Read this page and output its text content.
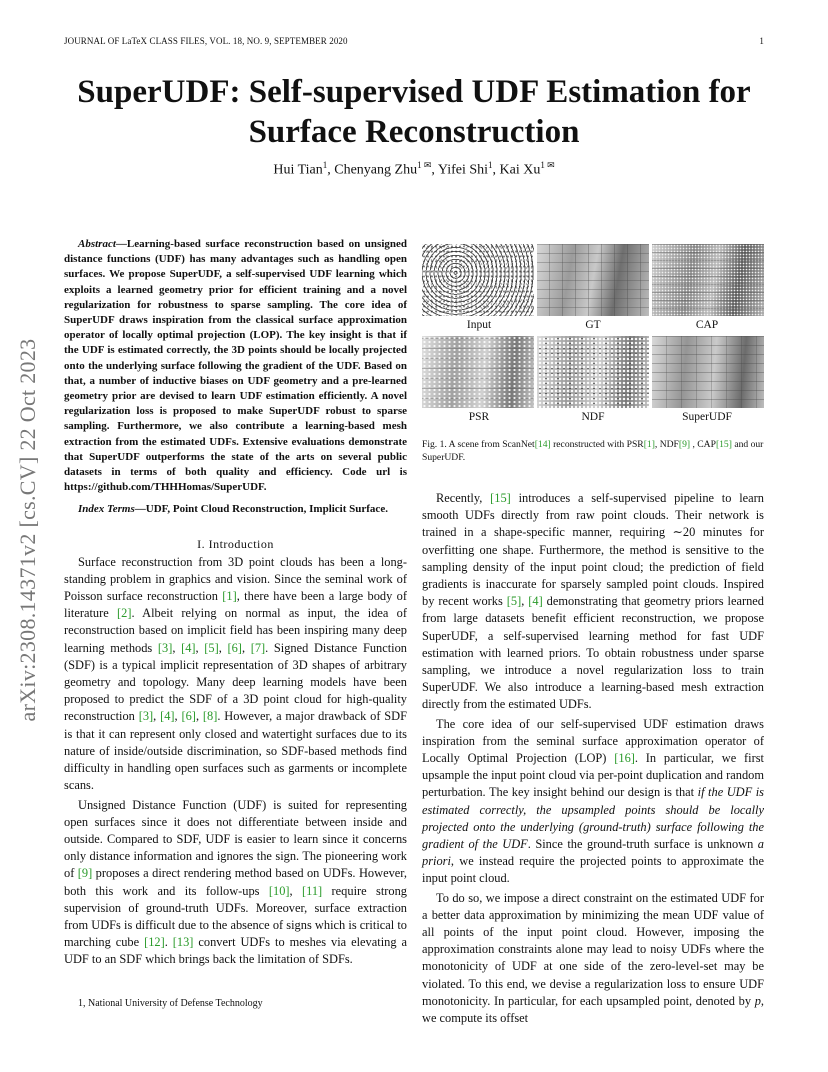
JOURNAL OF LaTeX CLASS FILES, VOL. 18, NO. 9, SEPTEMBER 2020	1
SuperUDF: Self-supervised UDF Estimation for Surface Reconstruction
Hui Tian$^1$, Chenyang Zhu$^{1 ✉}$, Yifei Shi$^1$, Kai $Xu^{1 ✉}$
arXiv:2308.14371v2 [cs.CV] 22 Oct 2023

Abstract—Learning-based surface reconstruction based on unsigned distance functions (UDF) has many advantages such as handling open surfaces. We propose SuperUDF, a self-supervised UDF learning which exploits a learned geometry prior for efficient training and a novel regularization for robustness to sparse sampling. The core idea of SuperUDF draws inspiration from the classical surface approximation operator of locally optimal projection (LOP). The key insight is that if the UDF is estimated correctly, the 3D points should be locally projected onto the underlying surface following the gradient of the UDF. Based on that, a number of inductive biases on UDF geometry and a pre-learned geometry prior are devised to learn UDF estimation efficiently. A novel regularization loss is proposed to make SuperUDF robust to sparse sampling. Furthermore, we also contribute a learning-based mesh extraction from the estimated UDFs. Extensive evaluations demonstrate that SuperUDF outperforms the state of the arts on several public datasets in terms of both quality and efficiency. Code url is https://github.com/THHHomas/SuperUDF.

Index Terms—UDF, Point Cloud Reconstruction, Implicit Surface.

I. Introduction

Surface reconstruction from 3D point clouds has been a long-standing problem in graphics and vision. Since the seminal work of Poisson surface reconstruction [1], there have been a large body of literature [2]. Albeit relying on normal as input, the idea of reconstruction based on implicit field has been inspiring many deep learning methods [3], [4], [5], [6], [7]. Signed Distance Function (SDF) is a typical implicit representation of 3D shapes of arbitrary geometry and topology. Many deep learning models have been proposed to predict the SDF of a 3D point cloud for high-quality reconstruction [3], [4], [6], [8]. However, a major drawback of SDF is that it can represent only closed and watertight surfaces due to its nature of inside/outside discrimination, so SDF-based methods find difficulty in handling open surfaces such as garments or incomplete scans.

Unsigned Distance Function (UDF) is suited for representing open surfaces since it does not differentiate between inside and outside. Compared to SDF, UDF is easier to learn since it concerns only distance information and ignores the sign. The pioneering work of [9] proposes a direct rendering method based on UDFs. However, both this work and its follow-ups [10], [11] require strong supervision of ground-truth UDFs. Moreover, surface extraction from UDFs is difficult due to the absence of signs which is critical to marching cube [12]. [13] convert UDFs to meshes via elevating a UDF to an SDF which brings back the limitation of SDFs.

1, National University of Defense Technology
Input	GT	CAP
PSR	NDF	SuperUDF

Fig. 1. A scene from ScanNet[14] reconstructed with PSR[1], NDF[9] , CAP[15] and our SuperUDF.

Recently, [15] introduces a self-supervised pipeline to learn smooth UDFs directly from raw point clouds. Their network is trained in a shape-specific manner, requiring ∼20 minutes for overfitting one shape. Furthermore, the method is sensitive to the sampling density of the input point cloud; the prediction of field gradients is inaccurate for sparsely sampled point clouds. Inspired by recent works [5], [4] demonstrating that geometry priors learned from large datasets benefit efficient reconstruction, we propose SuperUDF, a self-supervised learning method for fast UDF estimation with learned priors. To obtain robustness under sparse sampling, we introduce a novel regularization loss to train SuperUDF. We also introduce a learning-based mesh extraction directly from the estimated UDFs.

The core idea of our self-supervised UDF estimation draws inspiration from the seminal surface approximation operator of Locally Optimal Projection (LOP) [16]. In particular, we first upsample the input point cloud via per-point duplication and random perturbation. The key insight behind our design is that if the UDF is estimated correctly, the upsampled points should be locally projected onto the underlying (ground-truth) surface following the gradient of the UDF. Since the ground-truth surface is unknown a priori, we instead require the projected points to approximate the input point cloud.

To do so, we impose a direct constraint on the estimated UDF for a better data approximation by minimizing the mean UDF value of all points of the input point cloud. However, imposing the approximation constraints alone may lead to noisy UDFs where the monotonicity of UDF at one side of the zero-level-set may be violated. To this end, we devise a regularization loss to ensure UDF monotonicity. In particular, for each upsampled point, denoted by p, we compute its offset
